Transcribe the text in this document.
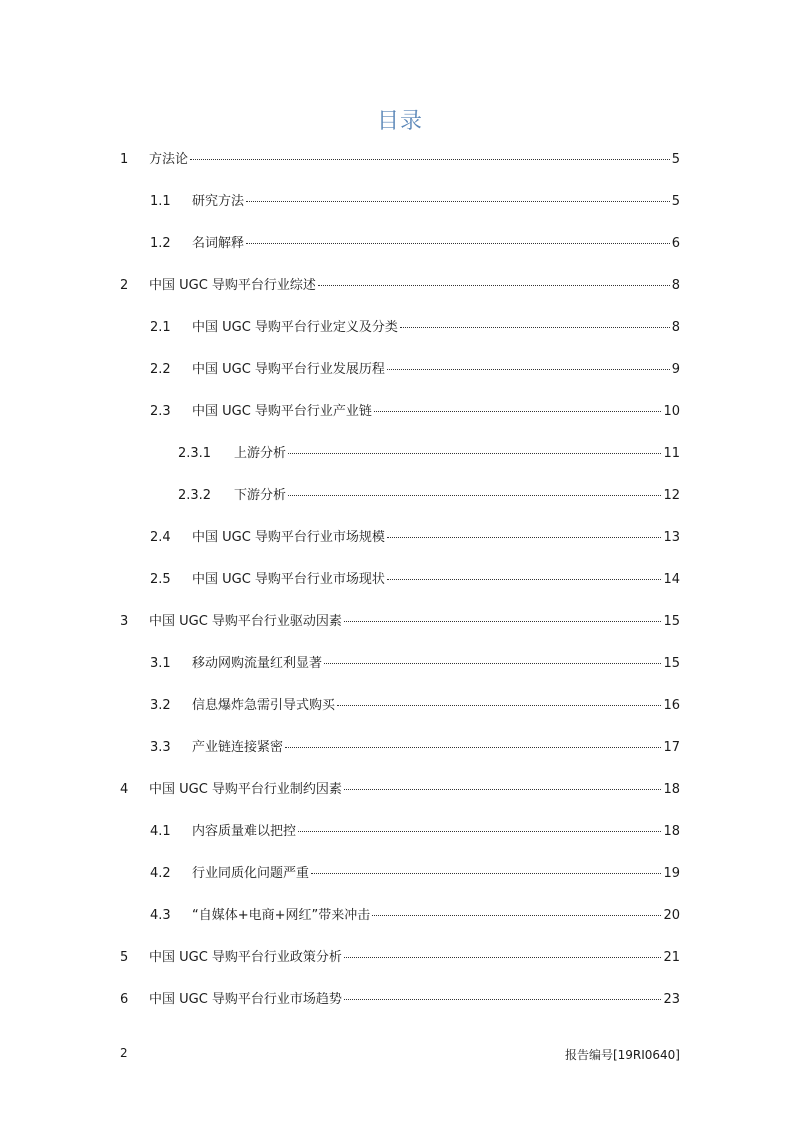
目录
1	方法论	5
1.1	研究方法	5
1.2	名词解释	6
2	中国 UGC 导购平台行业综述	8
2.1	中国 UGC 导购平台行业定义及分类	8
2.2	中国 UGC 导购平台行业发展历程	9
2.3	中国 UGC 导购平台行业产业链	10
2.3.1	上游分析	11
2.3.2	下游分析	12
2.4	中国 UGC 导购平台行业市场规模	13
2.5	中国 UGC 导购平台行业市场现状	14
3	中国 UGC 导购平台行业驱动因素	15
3.1	移动网购流量红利显著	15
3.2	信息爆炸急需引导式购买	16
3.3	产业链连接紧密	17
4	中国 UGC 导购平台行业制约因素	18
4.1	内容质量难以把控	18
4.2	行业同质化问题严重	19
4.3	“自媒体+电商+网红”带来冲击	20
5	中国 UGC 导购平台行业政策分析	21
6	中国 UGC 导购平台行业市场趋势	23
2	报告编号[19RI0640]
